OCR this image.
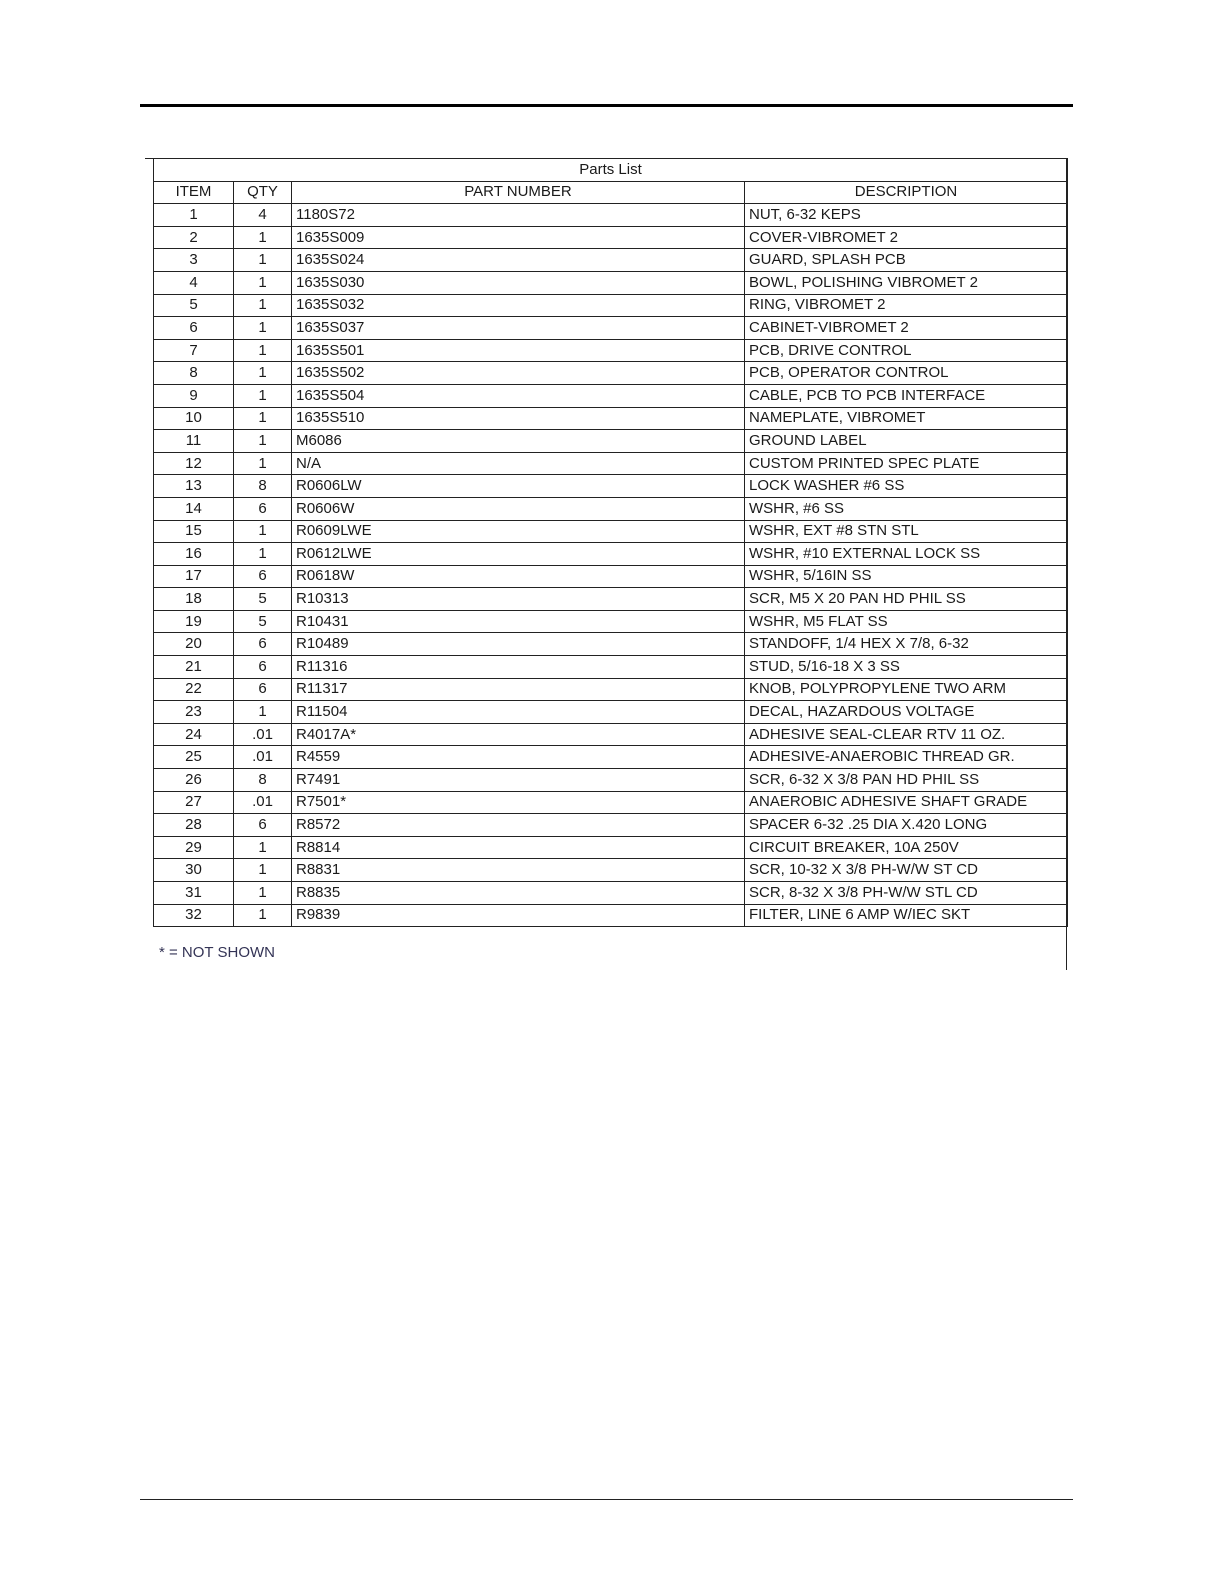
Parts List			
ITEM	QTY	PART NUMBER	DESCRIPTION
1	4	1180S72	NUT, 6-32 KEPS
2	1	1635S009	COVER-VIBROMET 2
3	1	1635S024	GUARD, SPLASH PCB
4	1	1635S030	BOWL, POLISHING VIBROMET 2
5	1	1635S032	RING, VIBROMET 2
6	1	1635S037	CABINET-VIBROMET 2
7	1	1635S501	PCB, DRIVE CONTROL
8	1	1635S502	PCB, OPERATOR CONTROL
9	1	1635S504	CABLE, PCB TO PCB INTERFACE
10	1	1635S510	NAMEPLATE, VIBROMET
11	1	M6086	GROUND LABEL
12	1	N/A	CUSTOM PRINTED SPEC PLATE
13	8	R0606LW	LOCK WASHER #6 SS
14	6	R0606W	WSHR, #6 SS
15	1	R0609LWE	WSHR, EXT #8 STN STL
16	1	R0612LWE	WSHR, #10 EXTERNAL LOCK SS
17	6	R0618W	WSHR, 5/16IN SS
18	5	R10313	SCR, M5 X 20 PAN HD PHIL SS
19	5	R10431	WSHR, M5 FLAT SS
20	6	R10489	STANDOFF, 1/4 HEX X 7/8, 6-32
21	6	R11316	STUD, 5/16-18 X 3 SS
22	6	R11317	KNOB, POLYPROPYLENE TWO ARM
23	1	R11504	DECAL, HAZARDOUS VOLTAGE
24	.01	R4017A*	ADHESIVE SEAL-CLEAR RTV 11 OZ.
25	.01	R4559	ADHESIVE-ANAEROBIC THREAD GR.
26	8	R7491	SCR, 6-32 X 3/8 PAN HD PHIL SS
27	.01	R7501*	ANAEROBIC ADHESIVE SHAFT GRADE
28	6	R8572	SPACER 6-32 .25 DIA X.420 LONG
29	1	R8814	CIRCUIT BREAKER, 10A 250V
30	1	R8831	SCR, 10-32 X 3/8 PH-W/W ST CD
31	1	R8835	SCR, 8-32 X 3/8 PH-W/W STL CD
32	1	R9839	FILTER, LINE 6 AMP W/IEC SKT
* = NOT SHOWN
